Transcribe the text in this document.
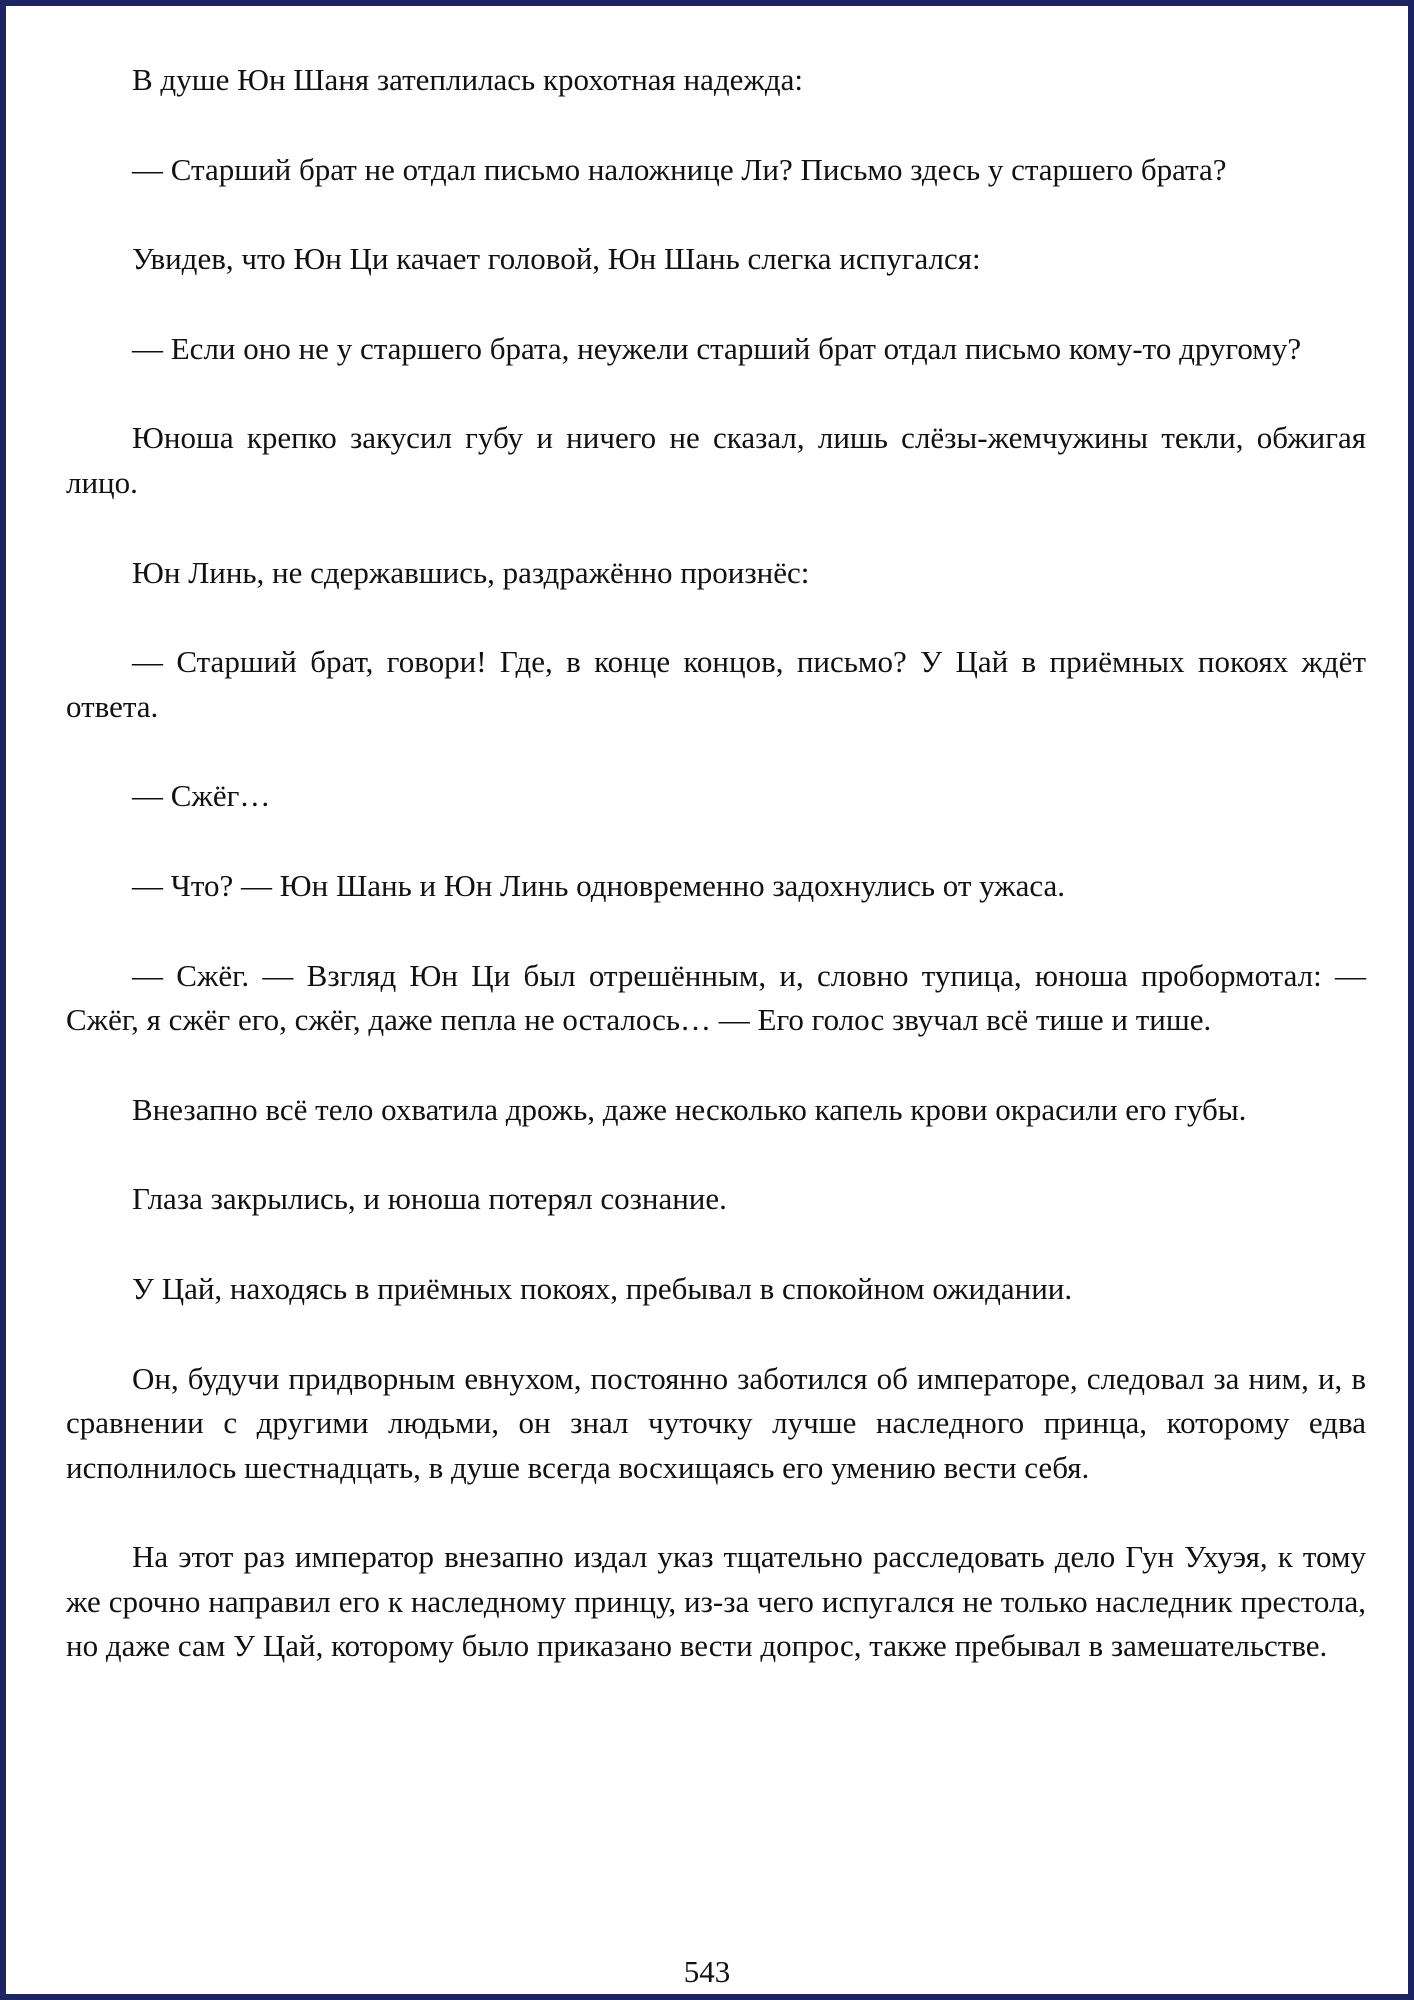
В душе Юн Шаня затеплилась крохотная надежда:

— Старший брат не отдал письмо наложнице Ли? Письмо здесь у старшего брата?

Увидев, что Юн Ци качает головой, Юн Шань слегка испугался:

— Если оно не у старшего брата, неужели старший брат отдал письмо кому-то другому?

Юноша крепко закусил губу и ничего не сказал, лишь слёзы-жемчужины текли, обжигая лицо.

Юн Линь, не сдержавшись, раздражённо произнёс:

— Старший брат, говори! Где, в конце концов, письмо? У Цай в приёмных покоях ждёт ответа.

— Сжёг…

— Что? — Юн Шань и Юн Линь одновременно задохнулись от ужаса.

— Сжёг. — Взгляд Юн Ци был отрешённым, и, словно тупица, юноша пробормотал: — Сжёг, я сжёг его, сжёг, даже пепла не осталось… — Его голос звучал всё тише и тише.

Внезапно всё тело охватила дрожь, даже несколько капель крови окрасили его губы.

Глаза закрылись, и юноша потерял сознание.

У Цай, находясь в приёмных покоях, пребывал в спокойном ожидании.

Он, будучи придворным евнухом, постоянно заботился об императоре, следовал за ним, и, в сравнении с другими людьми, он знал чуточку лучше наследного принца, которому едва исполнилось шестнадцать, в душе всегда восхищаясь его умению вести себя.

На этот раз император внезапно издал указ тщательно расследовать дело Гун Ухуэя, к тому же срочно направил его к наследному принцу, из-за чего испугался не только наследник престола, но даже сам У Цай, которому было приказано вести допрос, также пребывал в замешательстве.

543
